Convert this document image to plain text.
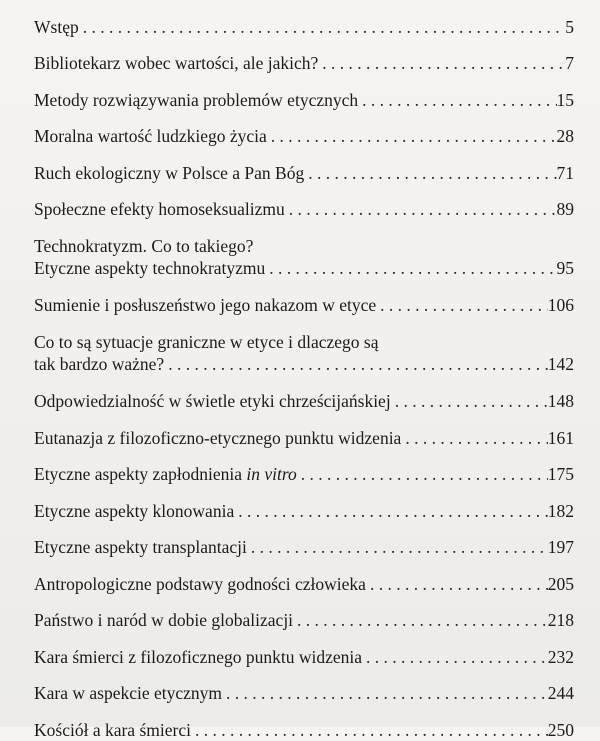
Wstęp . . .	5
Bibliotekarz wobec wartości, ale jakich? . . .	7
Metody rozwiązywania problemów etycznych . . .	15
Moralna wartość ludzkiego życia . . .	28
Ruch ekologiczny w Polsce a Pan Bóg . . .	71
Społeczne efekty homoseksualizmu . . .	89
Technokratyzm. Co to takiego?
Etyczne aspekty technokratyzmu . . .	95
Sumienie i posłuszeństwo jego nakazom w etyce . . .	106
Co to są sytuacje graniczne w etyce i dlaczego są
tak bardzo ważne? . . .	142
Odpowiedzialność w świetle etyki chrześcijańskiej . . .	148
Eutanazja z filozoficzno-etycznego punktu widzenia . . .	161
Etyczne aspekty zapłodnienia in vitro . . .	175
Etyczne aspekty klonowania . . .	182
Etyczne aspekty transplantacji . . .	197
Antropologiczne podstawy godności człowieka . . .	205
Państwo i naród w dobie globalizacji . . .	218
Kara śmierci z filozoficznego punktu widzenia . . .	232
Kara w aspekcie etycznym . . .	244
Kościół a kara śmierci . . .	250
